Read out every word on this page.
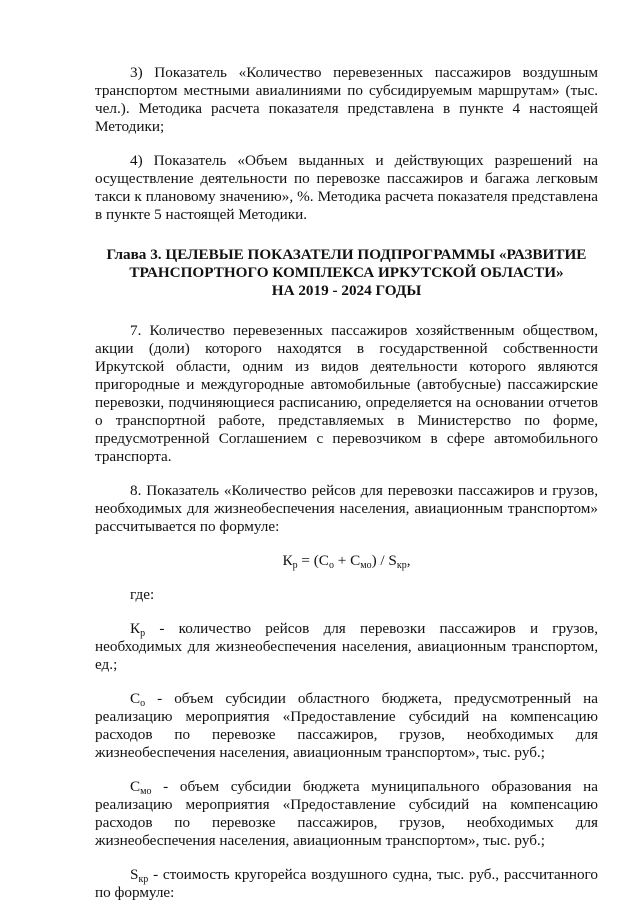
3) Показатель «Количество перевезенных пассажиров воздушным транспортом местными авиалиниями по субсидируемым маршрутам» (тыс. чел.). Методика расчета показателя представлена в пункте 4 настоящей Методики;

4) Показатель «Объем выданных и действующих разрешений на осуществление деятельности по перевозке пассажиров и багажа легковым такси к плановому значению», %. Методика расчета показателя представлена в пункте 5 настоящей Методики.

Глава 3. ЦЕЛЕВЫЕ ПОКАЗАТЕЛИ ПОДПРОГРАММЫ «РАЗВИТИЕ

ТРАНСПОРТНОГО КОМПЛЕКСА ИРКУТСКОЙ ОБЛАСТИ»

НА 2019 - 2024 ГОДЫ

7. Количество перевезенных пассажиров хозяйственным обществом, акции (доли) которого находятся в государственной собственности Иркутской области, одним из видов деятельности которого являются пригородные и междугородные автомобильные (автобусные) пассажирские перевозки, подчиняющиеся расписанию, определяется на основании отчетов о транспортной работе, представляемых в Министерство по форме, предусмотренной Соглашением с перевозчиком в сфере автомобильного транспорта.

8. Показатель «Количество рейсов для перевозки пассажиров и грузов, необходимых для жизнеобеспечения населения, авиационным транспортом» рассчитывается по формуле:

$К_р = (С_о + С_{мо}) / S_{кр}$,

где:

$К_р$ - количество рейсов для перевозки пассажиров и грузов, необходимых для жизнеобеспечения населения, авиационным транспортом, ед.;

$С_о$ - объем субсидии областного бюджета, предусмотренный на реализацию мероприятия «Предоставление субсидий на компенсацию расходов по перевозке пассажиров, грузов, необходимых для жизнеобеспечения населения, авиационным транспортом», тыс. руб.;

$С_{мо}$ - объем субсидии бюджета муниципального образования на реализацию мероприятия «Предоставление субсидий на компенсацию расходов по перевозке пассажиров, грузов, необходимых для жизнеобеспечения населения, авиационным транспортом», тыс. руб.;

$S_{кр}$ - стоимость кругорейса воздушного судна, тыс. руб., рассчитанного по формуле:
